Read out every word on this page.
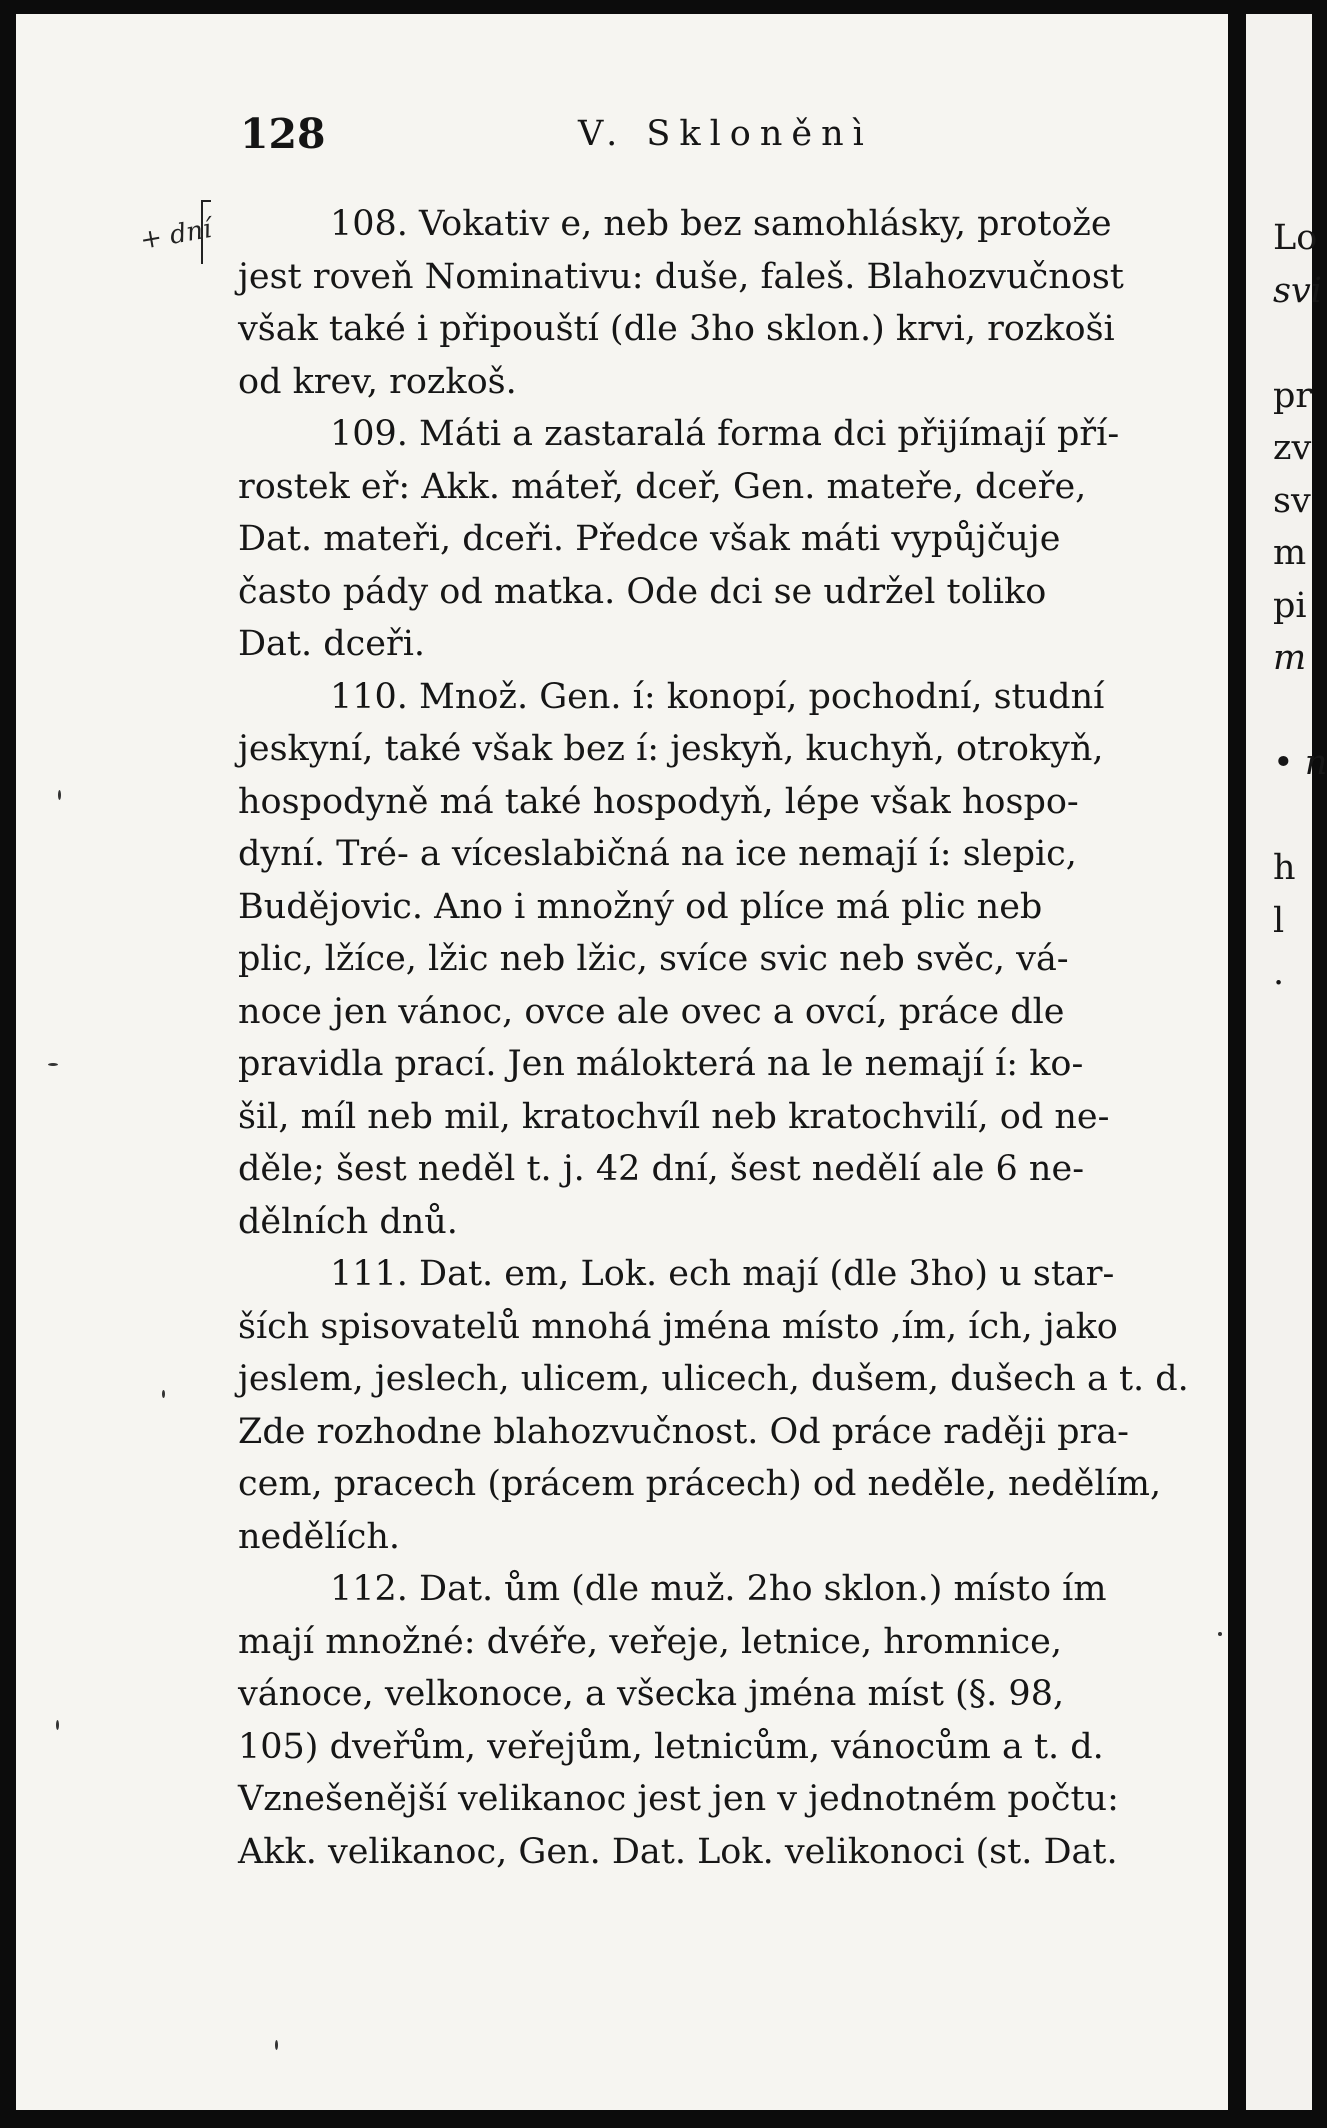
Lo
svi
pr
zv
sv
m
pi
m
• n
h
l
.
128	V. Skloněnì
+ dní	108. Vokativ e, neb bez samohlásky, protože
jest roveň Nominativu: duše, faleš. Blahozvučnost
však také i připouští (dle 3ho sklon.) krvi, rozkoši
od krev, rozkoš.
109. Máti a zastaralá forma dci přijímají pří-
rostek eř: Akk. máteř, dceř, Gen. mateře, dceře,
Dat. mateři, dceři. Předce však máti vypůjčuje
často pády od matka. Ode dci se udržel toliko
Dat. dceři.
110. Množ. Gen. í: konopí, pochodní, studní
jeskyní, také však bez í: jeskyň, kuchyň, otrokyň,
hospodyně má také hospodyň, lépe však hospo-
dyní. Tré- a víceslabičná na ice nemají í: slepic,
Budějovic. Ano i množný od plíce má plic neb
plic, lžíce, lžic neb lžic, svíce svic neb svěc, vá-
noce jen vánoc, ovce ale ovec a ovcí, práce dle
pravidla prací. Jen málokterá na le nemají í: ko-
šil, míl neb mil, kratochvíl neb kratochvilí, od ne-
děle; šest neděl t. j. 42 dní, šest nedělí ale 6 ne-
dělních dnů.
111. Dat. em, Lok. ech mají (dle 3ho) u star-
ších spisovatelů mnohá jména místo ,ím, ích, jako
jeslem, jeslech, ulicem, ulicech, dušem, dušech a t. d.
Zde rozhodne blahozvučnost. Od práce raději pra-
cem, pracech (prácem prácech) od neděle, nedělím,
nedělích.
112. Dat. ům (dle muž. 2ho sklon.) místo ím
mají množné: dvéře, veřeje, letnice, hromnice,
vánoce, velkonoce, a všecka jména míst (§. 98,
105) dveřům, veřejům, letnicům, vánocům a t. d.
Vznešenější velikanoc jest jen v jednotném počtu:
Akk. velikanoc, Gen. Dat. Lok. velikonoci (st. Dat.
